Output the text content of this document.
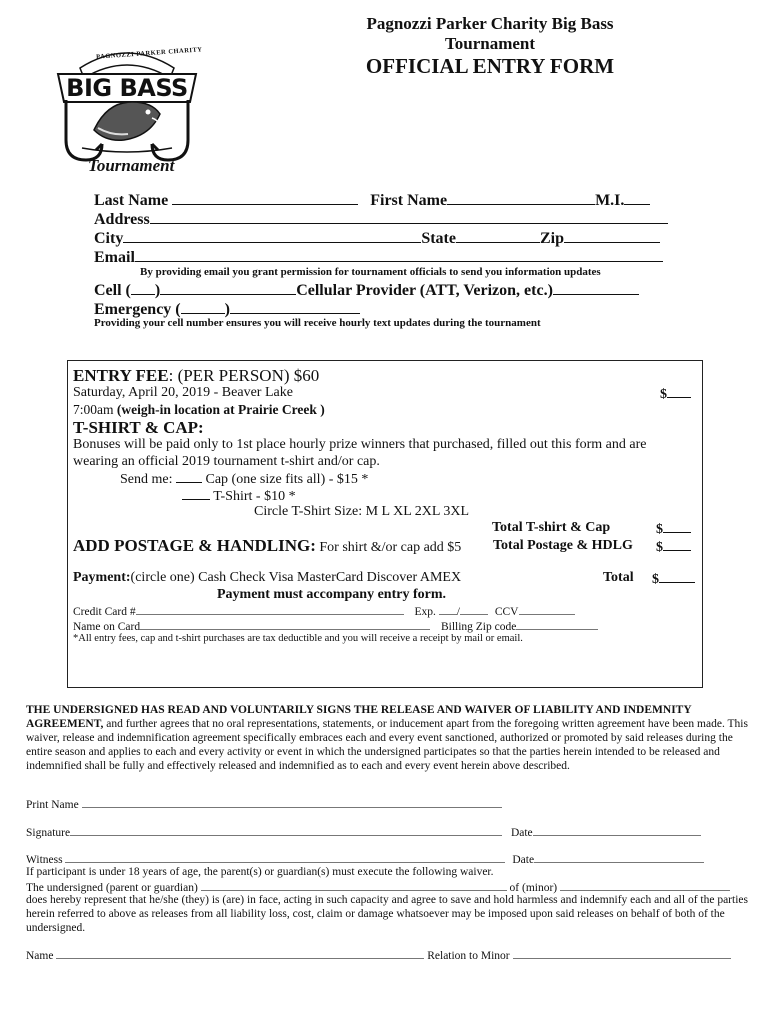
Pagnozzi Parker Charity Big Bass
Tournament
OFFICIAL ENTRY FORM
PAGNOZZI PARKER CHARITY
BIG BASS
Tournament
Last Name	First Name	M.I.
Address
City	State	Zip
Email
By providing email you grant permission for tournament officials to send you information updates
Cell ( )	Cellular Provider (ATT, Verizon, etc.)
Emergency (	)
Providing your cell number ensures you will receive hourly text updates during the tournament
ENTRY FEE: (PER PERSON) $60
Saturday, April 20, 2019 - Beaver Lake	$
7:00am (weigh-in location at Prairie Creek )
T-SHIRT & CAP:
Bonuses will be paid only to 1st place hourly prize winners that purchased, filled out this form and are
wearing an official 2019 tournament t-shirt and/or cap.
Send me:  Cap (one size fits all) - $15 *
T-Shirt - $10 *
Circle T-Shirt Size: M L XL 2XL 3XL
Total T-shirt & Cap	$
ADD POSTAGE & HANDLING: For shirt &/or cap add $5 Total Postage & HDLG $
Payment:(circle one) Cash Check Visa MasterCard Discover AMEX	Total $
Payment must accompany entry form.
Credit Card #	Exp. /	CCV
Name on Card	Billing Zip code
*All entry fees, cap and t-shirt purchases are tax deductible and you will receive a receipt by mail or email.
THE UNDERSIGNED HAS READ AND VOLUNTARILY SIGNS THE RELEASE AND WAIVER OF LIABILITY AND INDEMNITY AGREEMENT, and further agrees that no oral representations, statements, or inducement apart from the foregoing written agreement have been made. This waiver, release and indemnification agreement specifically embraces each and every event sanctioned, authorized or promoted by said releases during the entire season and applies to each and every activity or event in which the undersigned participates so that the parties herein intended to be released and indemnified shall be fully and effectively released and indemnified as to each and every event herein above described.
Print Name
Signature	Date
Witness	Date
If participant is under 18 years of age, the parent(s) or guardian(s) must execute the following waiver.
The undersigned (parent or guardian)	of (minor)
does hereby represent that he/she (they) is (are) in face, acting in such capacity and agree to save and hold harmless and indemnify each and all of the parties herein referred to above as releases from all liability loss, cost, claim or damage whatsoever may be imposed upon said releases on behalf of both of the undersigned.
Name	Relation to Minor
